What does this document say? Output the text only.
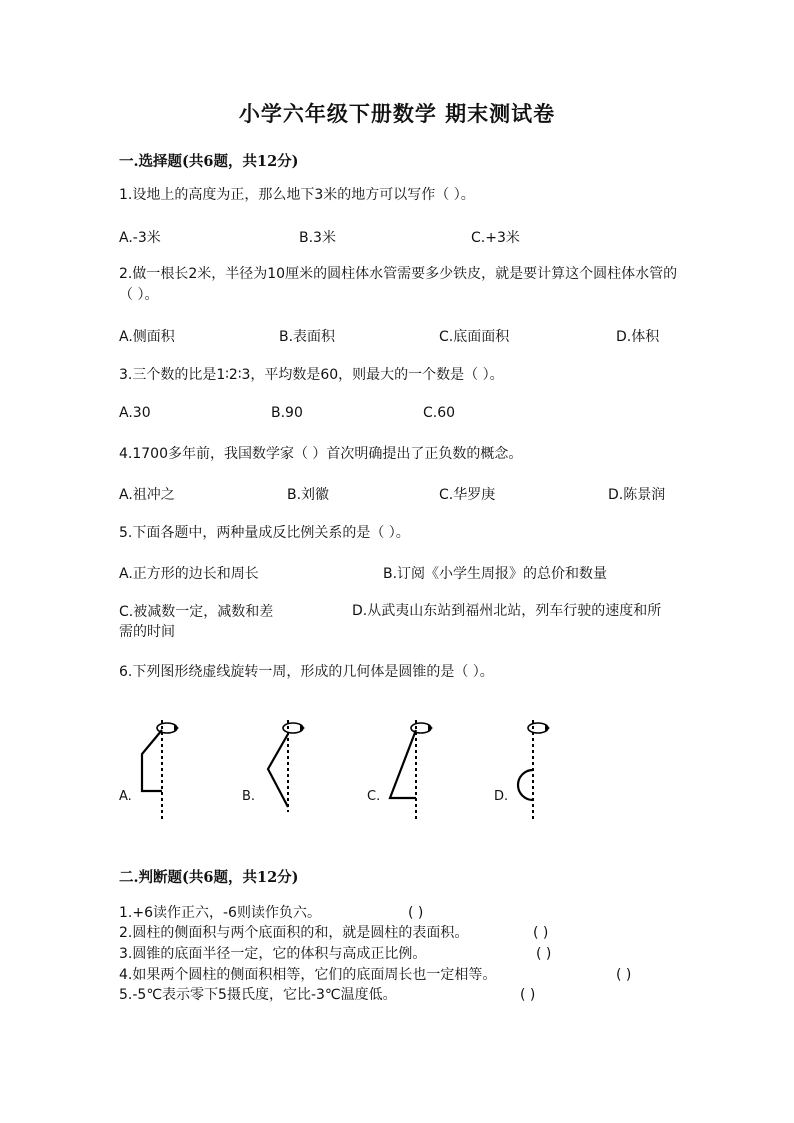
小学六年级下册数学 期末测试卷
一.选择题(共6题，共12分)
1.设地上的高度为正，那么地下3米的地方可以写作（ ）。
A.-3米	B.3米	C.+3米
2.做一根长2米，半径为10厘米的圆柱体水管需要多少铁皮，就是要计算这个圆柱体水管的（ ）。
A.侧面积	B.表面积	C.底面面积	D.体积
3.三个数的比是1∶2∶3，平均数是60，则最大的一个数是（ ）。
A.30	B.90	C.60
4.1700多年前，我国数学家（ ）首次明确提出了正负数的概念。
A.祖冲之	B.刘徽	C.华罗庚	D.陈景润
5.下面各题中，两种量成反比例关系的是（ ）。
A.正方形的边长和周长	B.订阅《小学生周报》的总价和数量
C.被减数一定，减数和差	D.从武夷山东站到福州北站，列车行驶的速度和所需的时间
6.下列图形绕虚线旋转一周，形成的几何体是圆锥的是（ ）。
A.	B.	C.	D.
二.判断题(共6题，共12分)
1.+6读作正六，-6则读作负六。	( )
2.圆柱的侧面积与两个底面积的和，就是圆柱的表面积。	( )
3.圆锥的底面半径一定，它的体积与高成正比例。	( )
4.如果两个圆柱的侧面积相等，它们的底面周长也一定相等。	( )
5.-5℃表示零下5摄氏度，它比-3℃温度低。	( )
